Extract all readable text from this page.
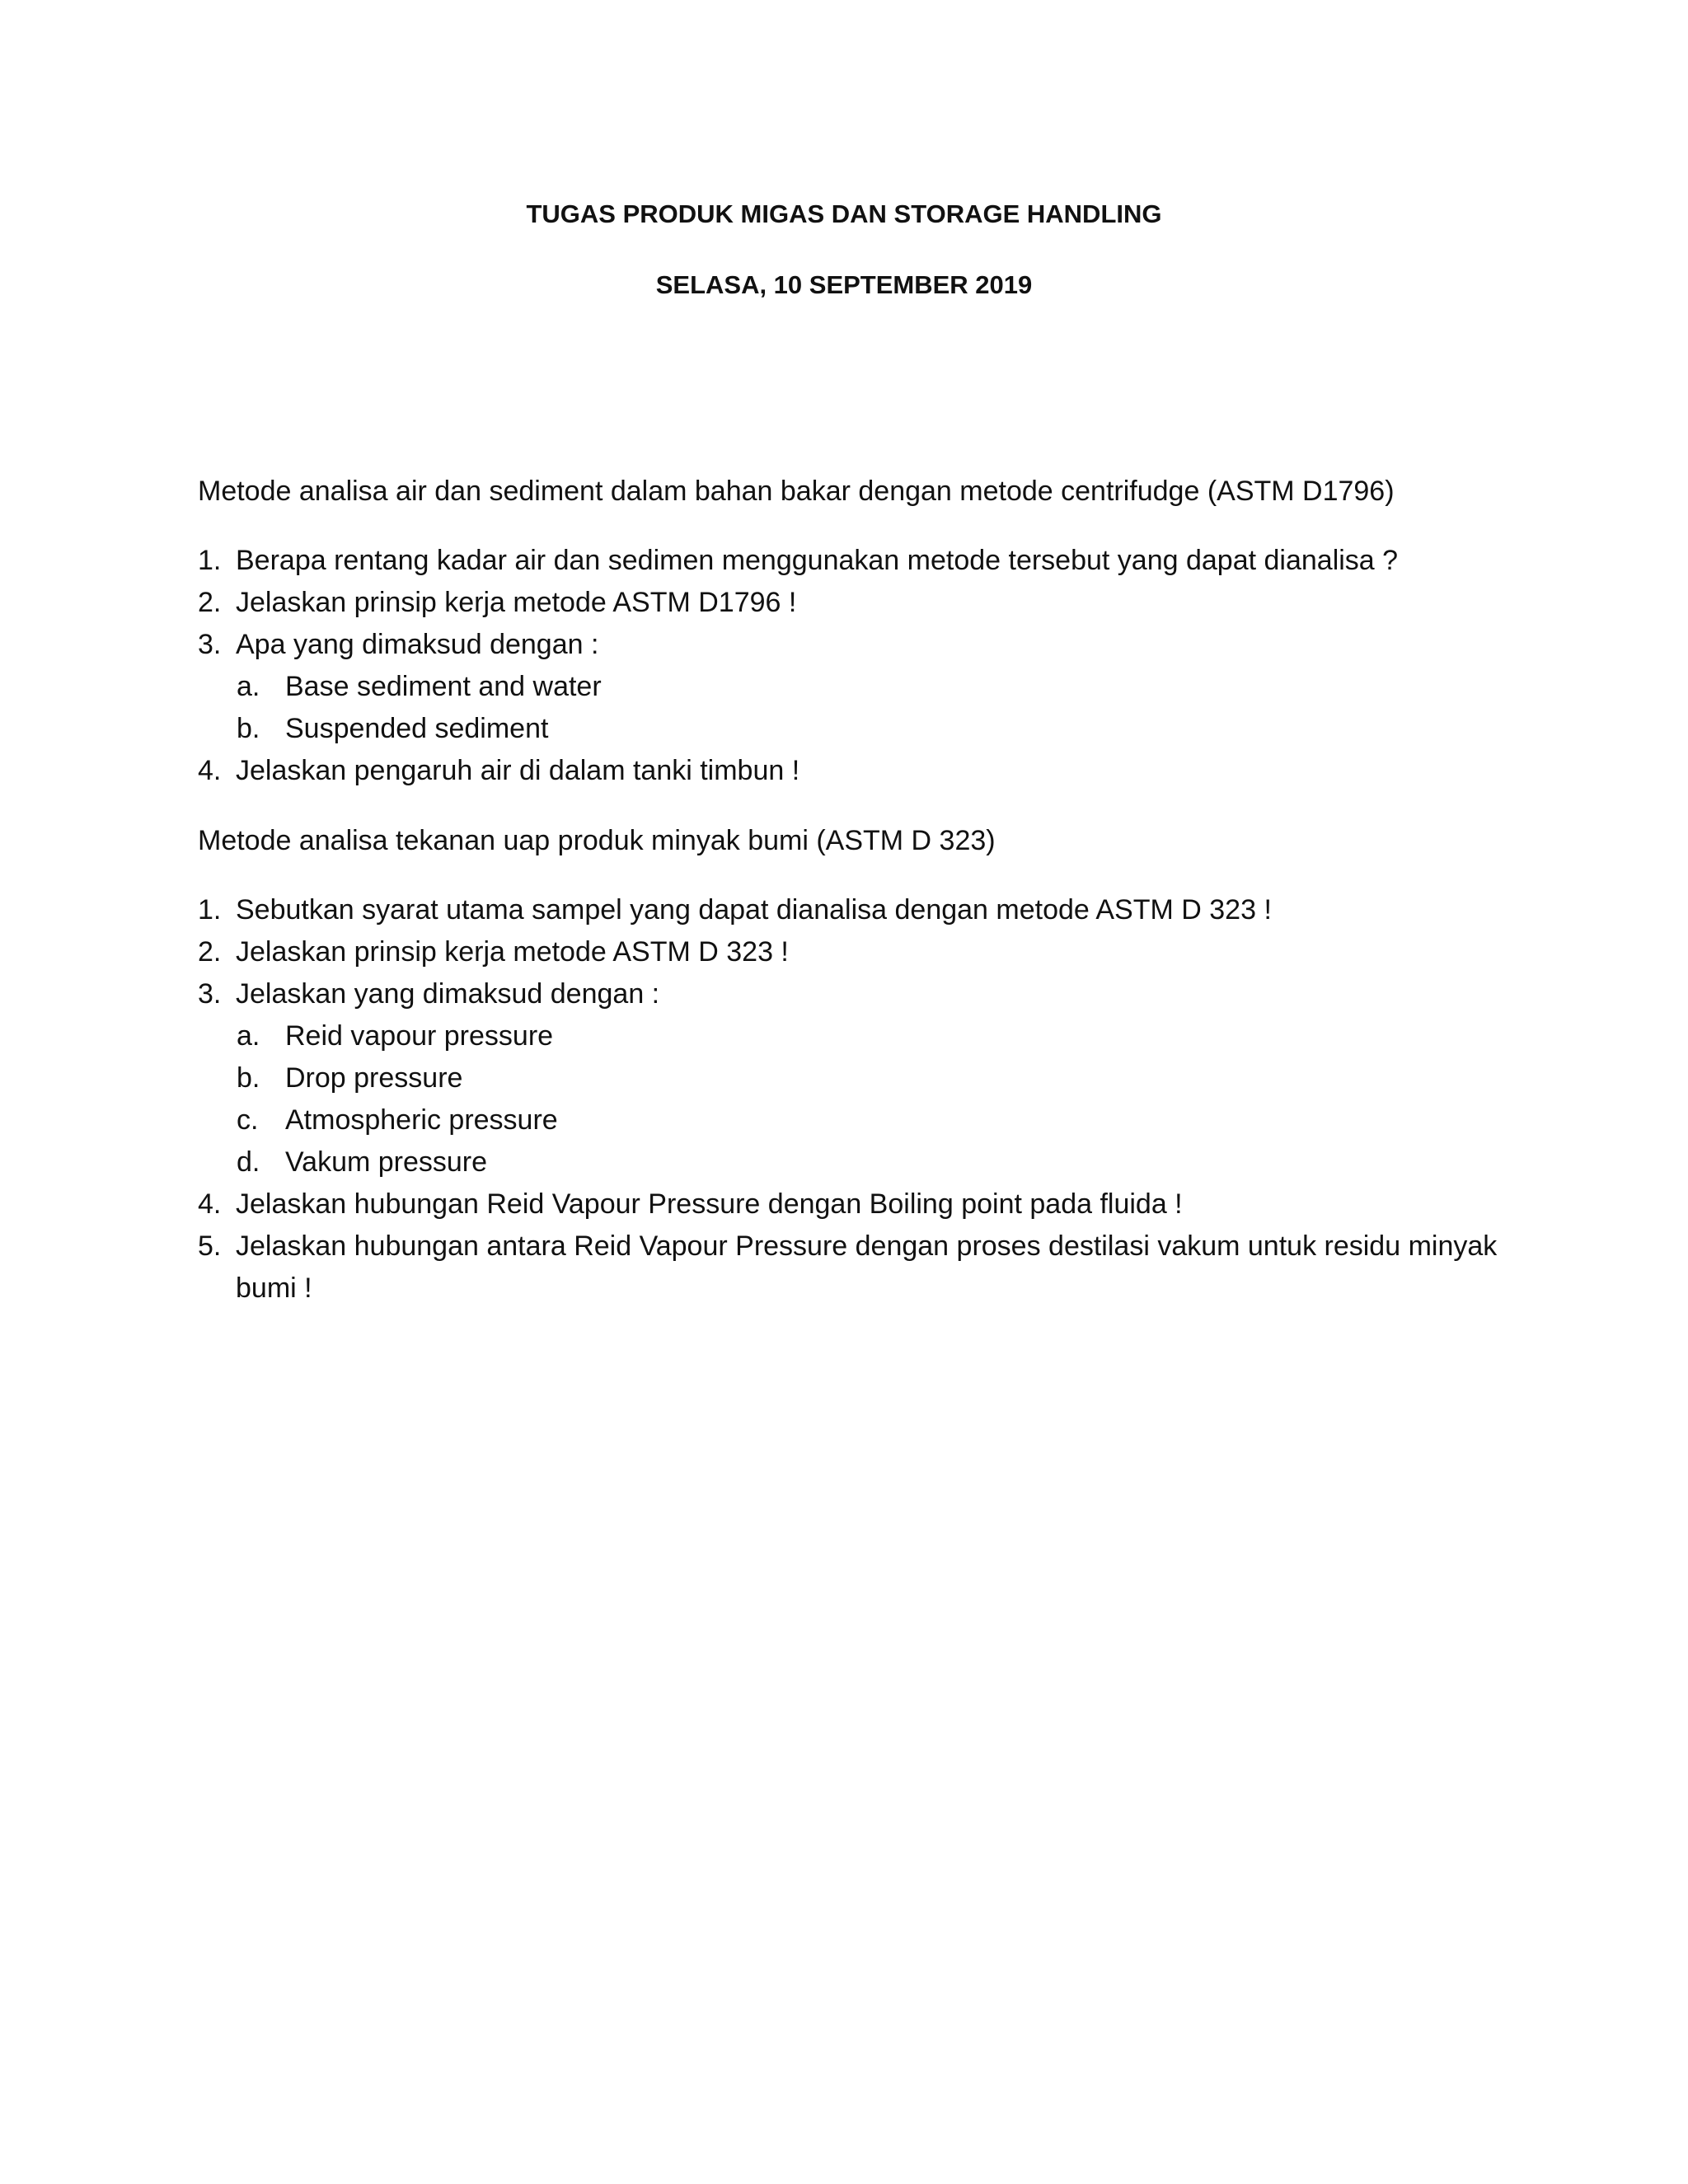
TUGAS PRODUK MIGAS DAN STORAGE HANDLING
SELASA, 10 SEPTEMBER 2019
Metode analisa air dan sediment dalam bahan bakar dengan metode centrifudge (ASTM D1796)
1. Berapa rentang kadar air dan sedimen menggunakan metode tersebut yang dapat dianalisa ?
2. Jelaskan prinsip kerja metode ASTM D1796 !
3. Apa yang dimaksud dengan :
a. Base sediment and water
b. Suspended sediment
4. Jelaskan pengaruh air di dalam tanki timbun !
Metode analisa tekanan uap produk minyak bumi (ASTM D 323)
1. Sebutkan syarat utama sampel yang dapat dianalisa dengan metode ASTM D 323 !
2. Jelaskan prinsip kerja metode ASTM D 323 !
3. Jelaskan yang dimaksud dengan :
a. Reid vapour pressure
b. Drop pressure
c. Atmospheric pressure
d. Vakum pressure
4. Jelaskan hubungan Reid Vapour Pressure dengan Boiling point pada fluida !
5. Jelaskan hubungan antara Reid Vapour Pressure dengan proses destilasi vakum untuk residu minyak
bumi !
